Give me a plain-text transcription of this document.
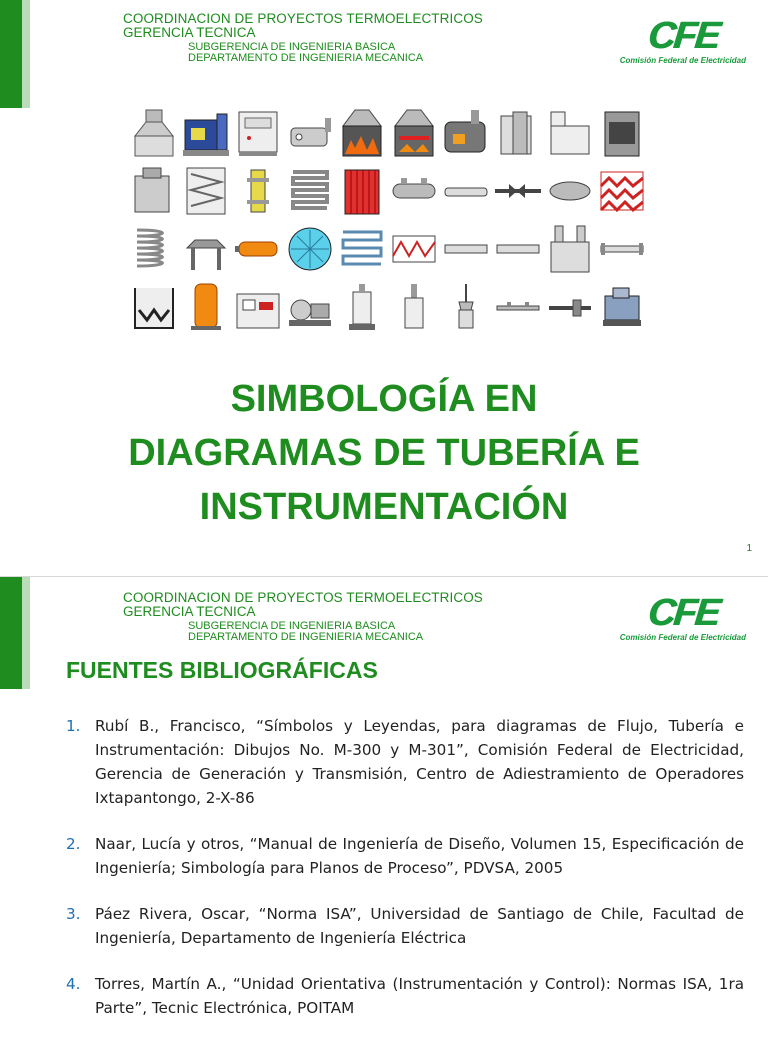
COORDINACION DE PROYECTOS TERMOELECTRICOS
GERENCIA TECNICA
SUBGERENCIA DE INGENIERIA BASICA
DEPARTAMENTO DE INGENIERIA MECANICA
CFE
Comisión Federal de Electricidad
SIMBOLOGÍA EN
DIAGRAMAS DE TUBERÍA E
INSTRUMENTACIÓN
1
COORDINACION DE PROYECTOS TERMOELECTRICOS
GERENCIA TECNICA
SUBGERENCIA DE INGENIERIA BASICA
DEPARTAMENTO DE INGENIERIA MECANICA
CFE
Comisión Federal de Electricidad
FUENTES BIBLIOGRÁFICAS
1. Rubí B., Francisco, “Símbolos y Leyendas, para diagramas de Flujo, Tubería e Instrumentación: Dibujos No. M-300 y M-301”, Comisión Federal de Electricidad, Gerencia de Generación y Transmisión, Centro de Adiestramiento de Operadores Ixtapantongo, 2-X-86
2. Naar, Lucía y otros, “Manual de Ingeniería de Diseño, Volumen 15, Especificación de Ingeniería; Simbología para Planos de Proceso”, PDVSA, 2005
3. Páez Rivera, Oscar, “Norma ISA”, Universidad de Santiago de Chile, Facultad de Ingeniería, Departamento de Ingeniería Eléctrica
4. Torres, Martín A., “Unidad Orientativa (Instrumentación y Control): Normas ISA, 1ra Parte”, Tecnic Electrónica, POITAM
